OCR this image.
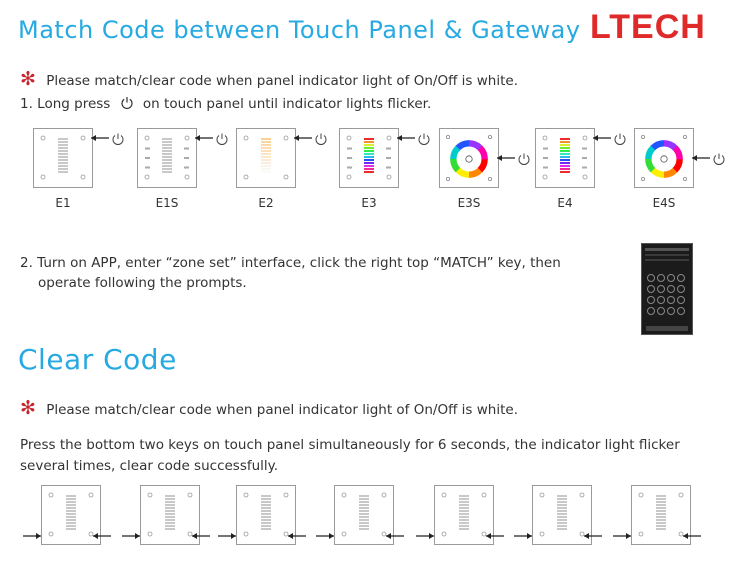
Match Code between Touch Panel & Gateway LTECH
✻ Please match/clear code when panel indicator light of On/Off is white.
1. Long press on touch panel until indicator lights flicker.
E1	E1S	E2	E3	E3S	E4	E4S
2. Turn on APP, enter “zone set” interface, click the right top “MATCH” key, then
operate following the prompts.
Clear Code
✻ Please match/clear code when panel indicator light of On/Off is white.
Press the bottom two keys on touch panel simultaneously for 6 seconds, the indicator light flicker
several times, clear code successfully.
